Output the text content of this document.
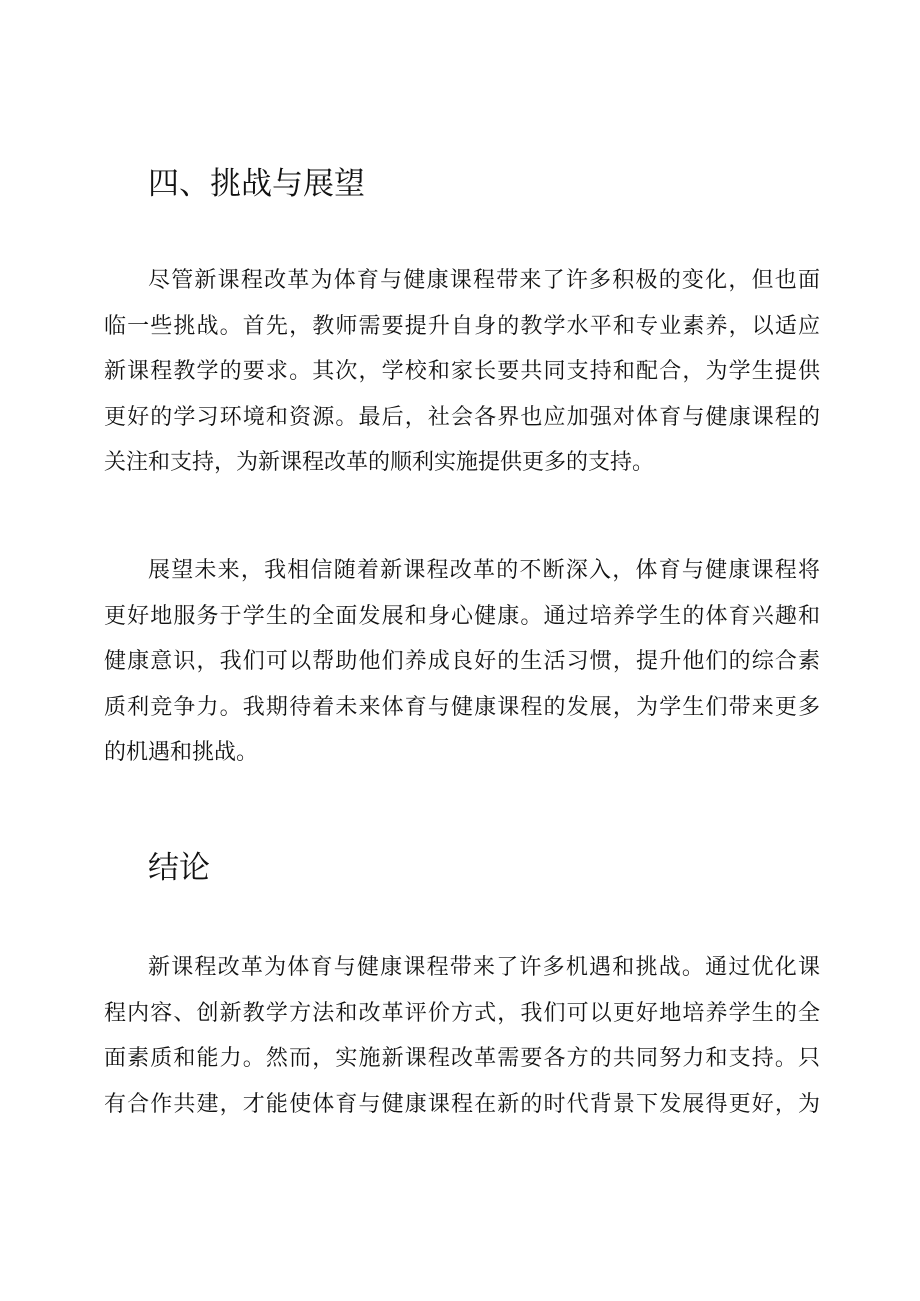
四、挑战与展望
尽管新课程改革为体育与健康课程带来了许多积极的变化，但也面
临一些挑战。首先，教师需要提升自身的教学水平和专业素养，以适应
新课程教学的要求。其次，学校和家长要共同支持和配合，为学生提供
更好的学习环境和资源。最后，社会各界也应加强对体育与健康课程的
关注和支持，为新课程改革的顺利实施提供更多的支持。
展望未来，我相信随着新课程改革的不断深入，体育与健康课程将
更好地服务于学生的全面发展和身心健康。通过培养学生的体育兴趣和
健康意识，我们可以帮助他们养成良好的生活习惯，提升他们的综合素
质利竞争力。我期待着未来体育与健康课程的发展，为学生们带来更多
的机遇和挑战。
结论
新课程改革为体育与健康课程带来了许多机遇和挑战。通过优化课
程内容、创新教学方法和改革评价方式，我们可以更好地培养学生的全
面素质和能力。然而，实施新课程改革需要各方的共同努力和支持。只
有合作共建，才能使体育与健康课程在新的时代背景下发展得更好，为
